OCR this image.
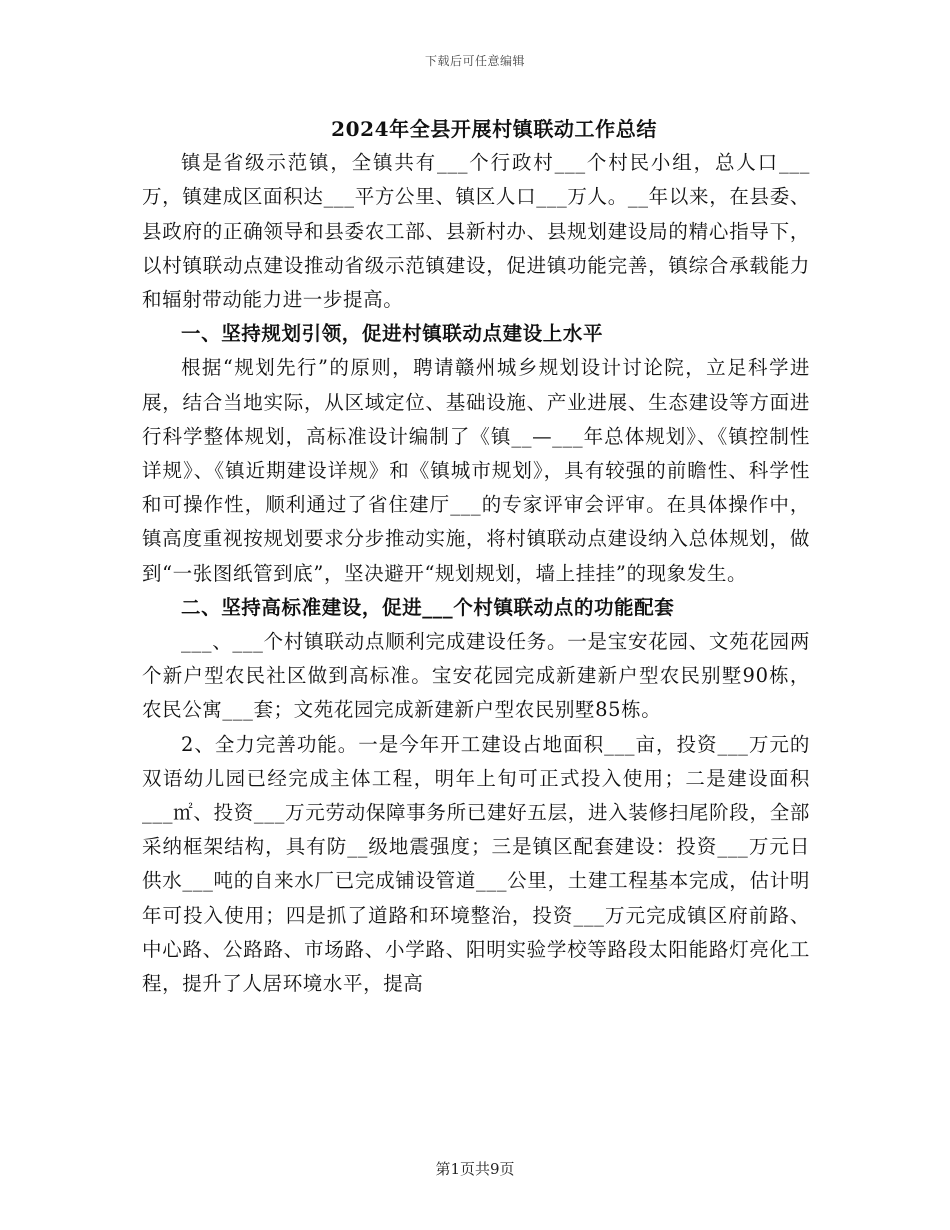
下载后可任意编辑
2024年全县开展村镇联动工作总结

镇是省级示范镇，全镇共有___个行政村___个村民小组，总人口___万，镇建成区面积达___平方公里、镇区人口___万人。__年以来，在县委、县政府的正确领导和县委农工部、县新村办、县规划建设局的精心指导下，以村镇联动点建设推动省级示范镇建设，促进镇功能完善，镇综合承载能力和辐射带动能力进一步提高。

一、坚持规划引领，促进村镇联动点建设上水平

根据“规划先行”的原则，聘请赣州城乡规划设计讨论院，立足科学进展，结合当地实际，从区域定位、基础设施、产业进展、生态建设等方面进行科学整体规划，高标准设计编制了《镇__—___年总体规划》、《镇控制性详规》、《镇近期建设详规》和《镇城市规划》，具有较强的前瞻性、科学性和可操作性，顺利通过了省住建厅___的专家评审会评审。在具体操作中，镇高度重视按规划要求分步推动实施，将村镇联动点建设纳入总体规划，做到“一张图纸管到底”，坚决避开“规划规划，墙上挂挂”的现象发生。

二、坚持高标准建设，促进___个村镇联动点的功能配套

___、___个村镇联动点顺利完成建设任务。一是宝安花园、文苑花园两个新户型农民社区做到高标准。宝安花园完成新建新户型农民别墅90栋，农民公寓___套；文苑花园完成新建新户型农民别墅85栋。

2、全力完善功能。一是今年开工建设占地面积___亩，投资___万元的双语幼儿园已经完成主体工程，明年上旬可正式投入使用；二是建设面积___㎡、投资___万元劳动保障事务所已建好五层，进入装修扫尾阶段，全部采纳框架结构，具有防__级地震强度；三是镇区配套建设：投资___万元日供水___吨的自来水厂已完成铺设管道___公里，土建工程基本完成，估计明年可投入使用；四是抓了道路和环境整治，投资___万元完成镇区府前路、中心路、公路路、市场路、小学路、阳明实验学校等路段太阳能路灯亮化工程，提升了人居环境水平，提高

第1页共9页
